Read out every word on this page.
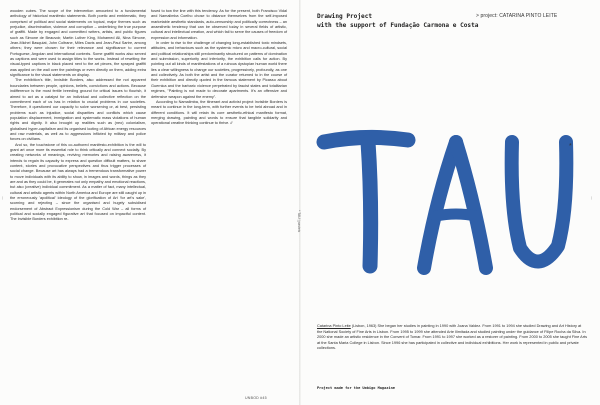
wooden cubes. The scope of the intervention amounted to a fundamental anthology of historical manifesto statements. Both poetic and emblematic, they comprised of political and social statements on topical, major themes such as prejudice, discrimination, violence and corruption – underlining the true purpose of graffiti. Made by engaged and committed writers, artists, and public figures such as Simone de Beauvoir, Martin Luther King, Mohamed Ali, Nina Simone, Jean-Michel Basquiat, John Coltrane, Miles Davis and Jean-Paul Sartre, among others; they were chosen for their relevance and significance to current Portuguese, Angolan and international contexts. Some graffiti works also served as captions and were used to assign titles to the works. Instead of rewriting the visual-typed captions in black placed next to the art pieces, the sprayed graffiti was applied on the wall over the paintings or even directly on them, adding extra significance to the visual statements on display.

The exhibition's title, Invisible Borders, also addressed the not apparent boundaries between people, opinions, beliefs, convictions and actions. Because indifference is the most fertile breeding ground for critical issues to flourish, it aimed to act as a catalyst for an individual and collective reflection on the commitment each of us has in relation to crucial problems in our societies. Therefore, it questioned our capacity to solve worsening or, at best, persisting problems such as injustice, social disparities and conflicts which cause population displacement, immigration and systematic mass violations of human rights and dignity. It also brought up realities such as (neo) colonialism, globalised hyper-capitalism and its organised looting of African energy resources and raw materials, as well as to aggressions inflicted by military and police forces on civilians.

And so, the touchstone of this co-authored manifesto-exhibition is the will to grant art once more its essential role to think critically and connect socially. By creating networks of meanings, reviving memories and raising awareness, it intends to regain its capacity to express and question difficult matters, to share content, stories and provocative perspectives and thus trigger processes of social change. Because art has always had a tremendous transformative power to move individuals with its ability to show, in images and words, things as they are and as they could be, it generates not only empathy and emotional reactions, but also (creative) individual commitment. As a matter of fact, many intellectual, cultural and artistic agents within North America and Europe are still caught up in the erroneously 'apolitical' ideology of the glorification of Art 'for art's sake', scorning and rejecting – since the organised and hugely subsidised endorsement of Abstract Expressionism during the Cold War – all forms of political and socially engaged figurative art that focused on impactful content. The Invisible Borders exhibition re-

fused to tow the line with this tendency. As for the present, both Francisco Vidal and Namalimba Coelho chose to distance themselves from the self-imposed marketable aesthetic standards, auto-censorship and politically correctness – an anaesthetic tendency that can be observed today in several fields of artistic, cultural and intellectual creation, and which fail to serve the causes of freedom of expression and information.

In order to rise to the challenge of changing long-established toxic mindsets, attitudes, and behaviours such as the systemic micro and macro-cultural, social and political relationships still predominantly structured on patterns of domination and submission, superiority and inferiority, the exhibition calls for action. By pointing out all kinds of manifestations of a ruinous dystopian human world there lies a clear willingness to change our societies, progressively, profoundly, as one and collectively. As both the artist and the curator returned to in the course of their exhibition and directly quoted in the famous statement by Picasso about Guernica and the barbaric violence perpetrated by fascist states and totalitarian regimes, "Painting is not made to decorate apartments. It's an offensive and defensive weapon against the enemy".

According to Namalimba, the itinerant and activist project Invisible Borders is meant to continue in the long-term, with further events to be held abroad and in different conditions. It will retain its core aesthetic-ethical manifesto format, merging drawing, painting and words to ensure that tangible solidarity and operational creative thinking continue to thrive. //

—
UNBOD #45
Drawing Project
with the support of Fundação Carmona e Costa
> project: CATARINA PINTO LEITE
*
* TAU | pasteis
—
Catarina Pinto Leite (Lisbon, 1963) She began her studies in painting in 1990 with Joana Valdez. From 1991 to 1994 she studied Drawing and Art History at the National Society of Fine Arts in Lisbon. From 1995 to 1999 she attended Arte Ilimitada and studied painting under the guidance of Filipe Rocha da Silva. In 2000 she made an artistic residence in the Convent of Tomar. From 1991 to 1997 she worked as a restorer of painting. From 2000 to 2005 she taught Fine Arts at the Santa Maria College in Lisbon. Since 1996 she has participated in collective and individual exhibitions. Her work is represented in public and private collections.
Project made for the Umbigo Magazine
